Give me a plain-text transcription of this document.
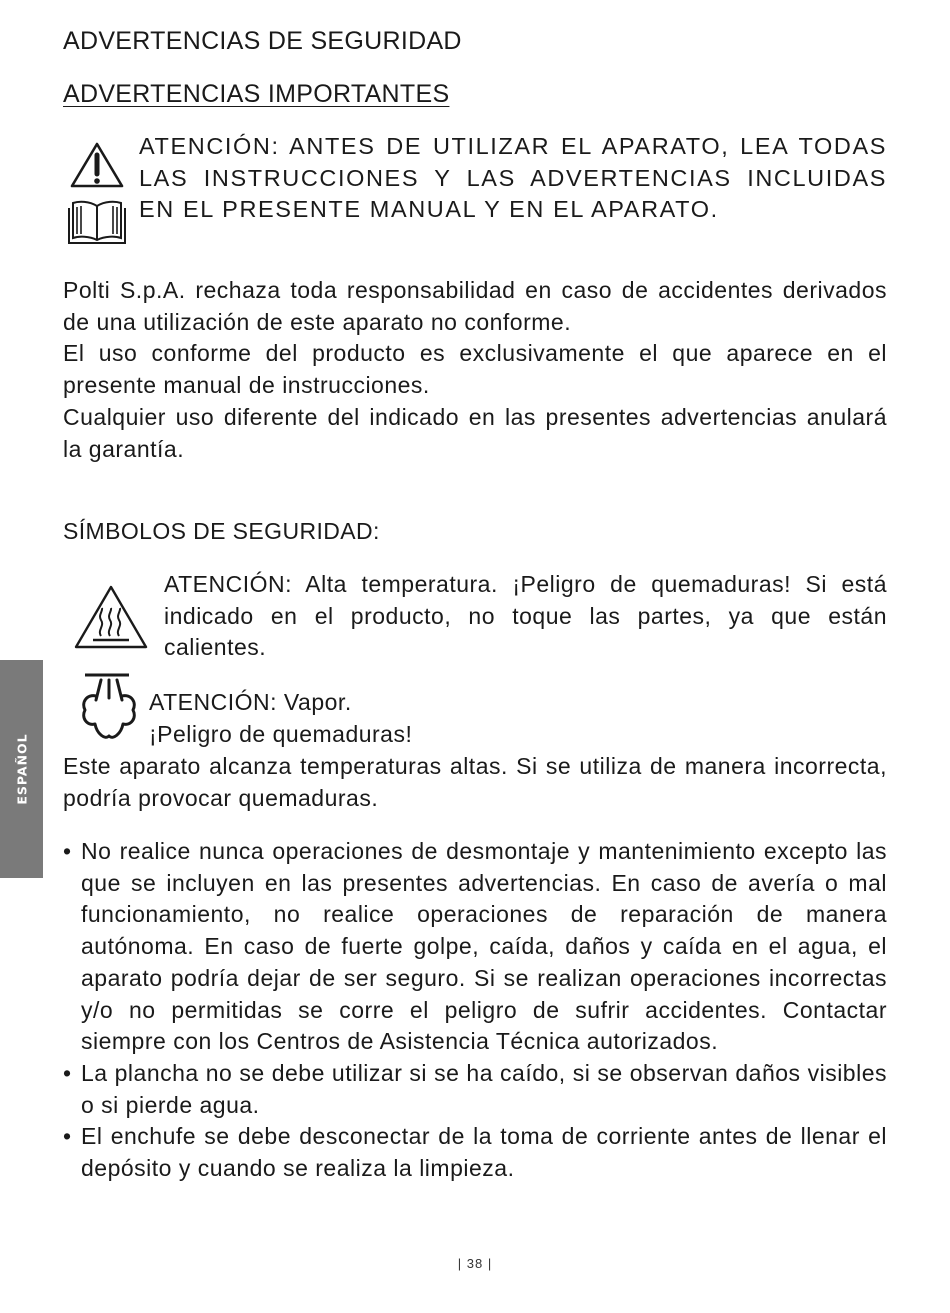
ESPAÑOL
ADVERTENCIAS DE SEGURIDAD
ADVERTENCIAS IMPORTANTES
ATENCIÓN: ANTES DE UTILIZAR EL APARATO, LEA TODAS LAS INSTRUCCIONES Y LAS ADVERTENCIAS INCLUIDAS EN EL PRESENTE MANUAL Y EN EL APARATO.

Polti S.p.A. rechaza toda responsabilidad en caso de accidentes derivados de una utilización de este aparato no conforme.

El uso conforme del producto es exclusivamente el que aparece en el presente manual de instrucciones.

Cualquier uso diferente del indicado en las presentes advertencias anulará la garantía.

SÍMBOLOS DE SEGURIDAD:
ATENCIÓN: Alta temperatura. ¡Peligro de quemaduras! Si está indicado en el producto, no toque las partes, ya que están calientes.
ATENCIÓN: Vapor.
¡Peligro de quemaduras!
Este aparato alcanza temperaturas altas. Si se utiliza de manera incorrecta, podría provocar quemaduras.
• No realice nunca operaciones de desmontaje y mantenimiento excepto las que se incluyen en las presentes advertencias. En caso de avería o mal funcionamiento, no realice operaciones de reparación de manera autónoma. En caso de fuerte golpe, caída, daños y caída en el agua, el aparato podría dejar de ser seguro. Si se realizan operaciones incorrectas y/o no permitidas se corre el peligro de sufrir accidentes. Contactar siempre con los Centros de Asistencia Técnica autorizados.
• La plancha no se debe utilizar si se ha caído, si se observan daños visibles o si pierde agua.
• El enchufe se debe desconectar de la toma de corriente antes de llenar el depósito y cuando se realiza la limpieza.
| 38 |
